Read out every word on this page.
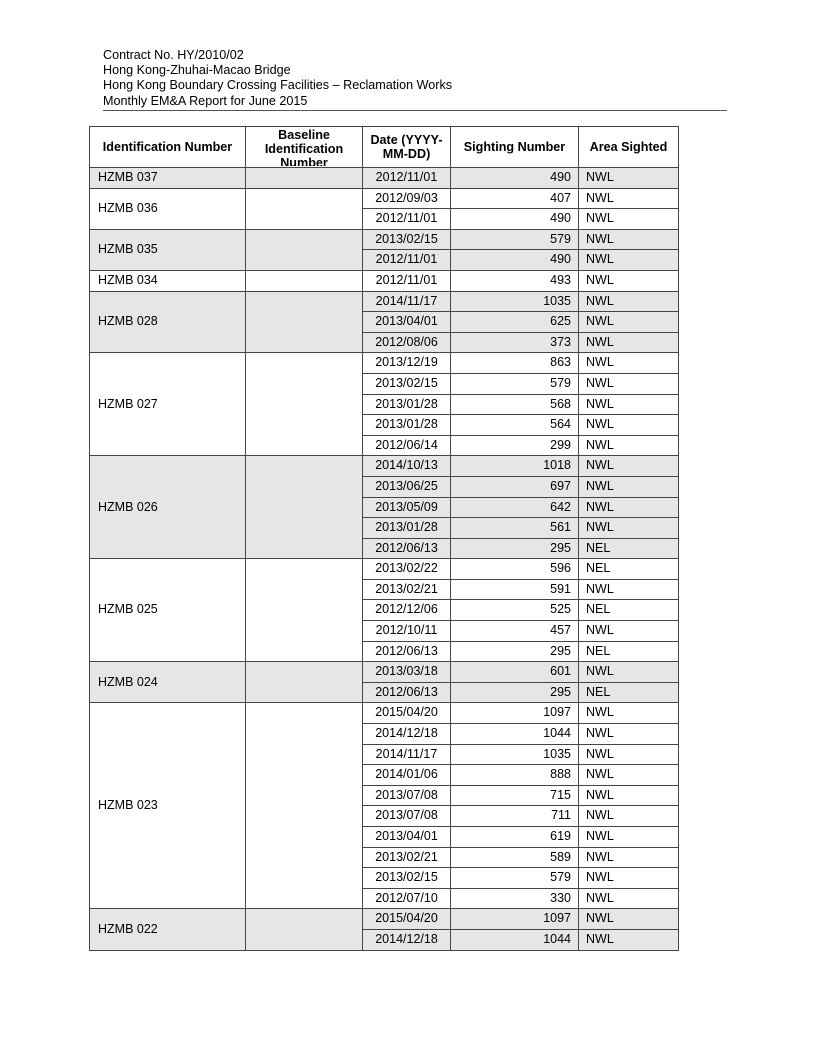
Contract No. HY/2010/02
Hong Kong-Zhuhai-Macao Bridge
Hong Kong Boundary Crossing Facilities – Reclamation Works
Monthly EM&A Report for June 2015
Identification Number	Baseline Identification Number	Date (YYYY-MM-DD)	Sighting Number	Area Sighted

HZMB 037		2012/11/01	490	NWL
HZMB 036		2012/09/03	407	NWL
		2012/11/01	490	NWL
HZMB 035		2013/02/15	579	NWL
		2012/11/01	490	NWL
HZMB 034		2012/11/01	493	NWL
HZMB 028		2014/11/17	1035	NWL
		2013/04/01	625	NWL
		2012/08/06	373	NWL
HZMB 027		2013/12/19	863	NWL
		2013/02/15	579	NWL
		2013/01/28	568	NWL
		2013/01/28	564	NWL
		2012/06/14	299	NWL
HZMB 026		2014/10/13	1018	NWL
		2013/06/25	697	NWL
		2013/05/09	642	NWL
		2013/01/28	561	NWL
		2012/06/13	295	NEL
HZMB 025		2013/02/22	596	NEL
		2013/02/21	591	NWL
		2012/12/06	525	NEL
		2012/10/11	457	NWL
		2012/06/13	295	NEL
HZMB 024		2013/03/18	601	NWL
		2012/06/13	295	NEL
HZMB 023		2015/04/20	1097	NWL
		2014/12/18	1044	NWL
		2014/11/17	1035	NWL
		2014/01/06	888	NWL
		2013/07/08	715	NWL
		2013/07/08	711	NWL
		2013/04/01	619	NWL
		2013/02/21	589	NWL
		2013/02/15	579	NWL
		2012/07/10	330	NWL
HZMB 022		2015/04/20	1097	NWL
		2014/12/18	1044	NWL
